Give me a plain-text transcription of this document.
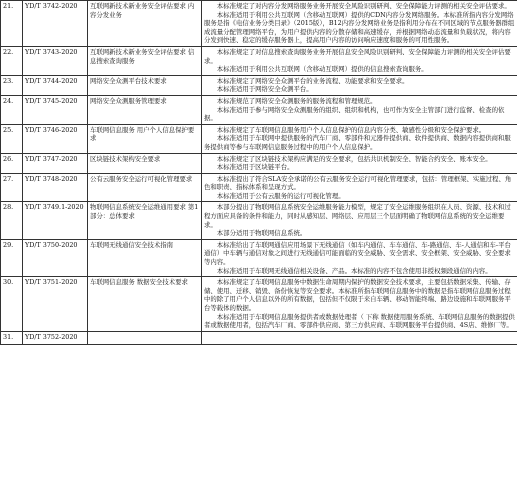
21.	YD/T 3742-2020	互联网新技术新业务安全评估要求 内容分发业务	本标准规定了对内容分发网络服务业务开展安全风险识别研判、安全保障能力评测的相关安全评估要求。
本标准适用于利用公共互联网（含移动互联网）提供的CDN内容分发网络服务。本标准所指内容分发网络服务是指《电信业务分类目录》（2015版），B12内容分发网络业务是指利用分布在不同区域的节点服务器群组成流量分配管理网络平台，为用户提供内容的分散存储和高速缓存，并根据网络动态流量和负载状况，将内容分发到快速、稳定的缓存服务器上，提高用户内容的访问响应速度和服务的可用性服务。

22.	YD/T 3743-2020	互联网新技术新业务安全评估要求 信息搜索查询服务	本标准规定了对信息搜索查询服务业务开展信息安全风险识别研判、安全保障能力评测的相关安全评估要求。
本标准适用于利用公共互联网（含移动互联网）提供的信息搜索查询服务。

23.	YD/T 3744-2020	网络安全众测平台技术要求	本标准规定了网络安全众测平台的业务流程、功能要求和安全要求。
本标准适用于网络安全众测平台。

24.	YD/T 3745-2020	网络安全众测服务管理要求	本标准规范了网络安全众测服务的服务流程和管理规范。
本标准适用于参与网络安全众测服务的组织、组织和机构，也可作为安全主管部门进行监督、检查的依据。

25.	YD/T 3746-2020	车联网信息服务 用户个人信息保护要求	本标准规定了车联网信息服务用户个人信息保护的信息内容分类、敏感性分级和安全保护要求。
本标准适用于车联网中提供服务的汽车厂商、零部件和元器件提供商、软件提供商、数据内容提供商和服务提供商等参与车联网信息服务过程中的用户个人信息保护。

26.	YD/T 3747-2020	区块链技术架构安全要求	本标准规定了区块链技术架构应满足的安全要求，包括共识机制安全、智能合约安全、账本安全。
本标准适用于区块链平台。

27.	YD/T 3748-2020	公有云服务安全运行可视化管理要求	本标准提出了符合SLA安全承诺的公有云服务安全运行可视化管理要求，包括：管理框架、实施过程、角色和职责、指标体系和呈现方式。
本标准适用于公有云服务的运行可视化管理。

28.	YD/T 3749.1-2020	物联网信息系统安全运维通用要求 第1部分：总体要求	本部分提出了物联网信息系统安全运维服务能力模型，规定了安全运维服务组织在人员、资源、技术和过程方面应具备的条件和能力，同时从感知层、网络层、应用层三个层面明确了物联网信息系统的安全运维要求。
本部分适用于物联网信息系统。

29.	YD/T 3750-2020	车联网无线通信安全技术指南	本标准给出了车联网通信应用场景下无线通信（如车内通信、车车通信、车-路通信、车-人通信和车-平台通信）中车辆与通信对象之间进行无线通信可能面临的安全威胁、安全需求、安全框架、安全威胁、安全要求等内容。
本标准适用于车联网无线通信相关设备、产品。本标准的内容不包含使用非授权频段通信的内容。

30.	YD/T 3751-2020	车联网信息服务 数据安全技术要求	本标准规定了车联网信息服务中数据生命周期内保护的数据安全技术要求，主要包括数据采集、传输、存储、使用、迁移、销毁、备份恢复等安全要求。本标准所指车联网信息服务中的数据是指车联网信息服务过程中的除了用户个人信息以外的所有数据，包括但不仅限于来自车辆、移动智能终端、路边设施和车联网服务平台等载体的数据。
本标准适用于车联网信息服务提供者或数据处理者（ 下称 数据使用服务系统、车联网信息服务的数据提供者或数据使用者，包括汽车厂商、零部件供应商、第三方供应商、车联网服务平台提供商、4S店、维修厂等。

31.	YD/T 3752-2020		
